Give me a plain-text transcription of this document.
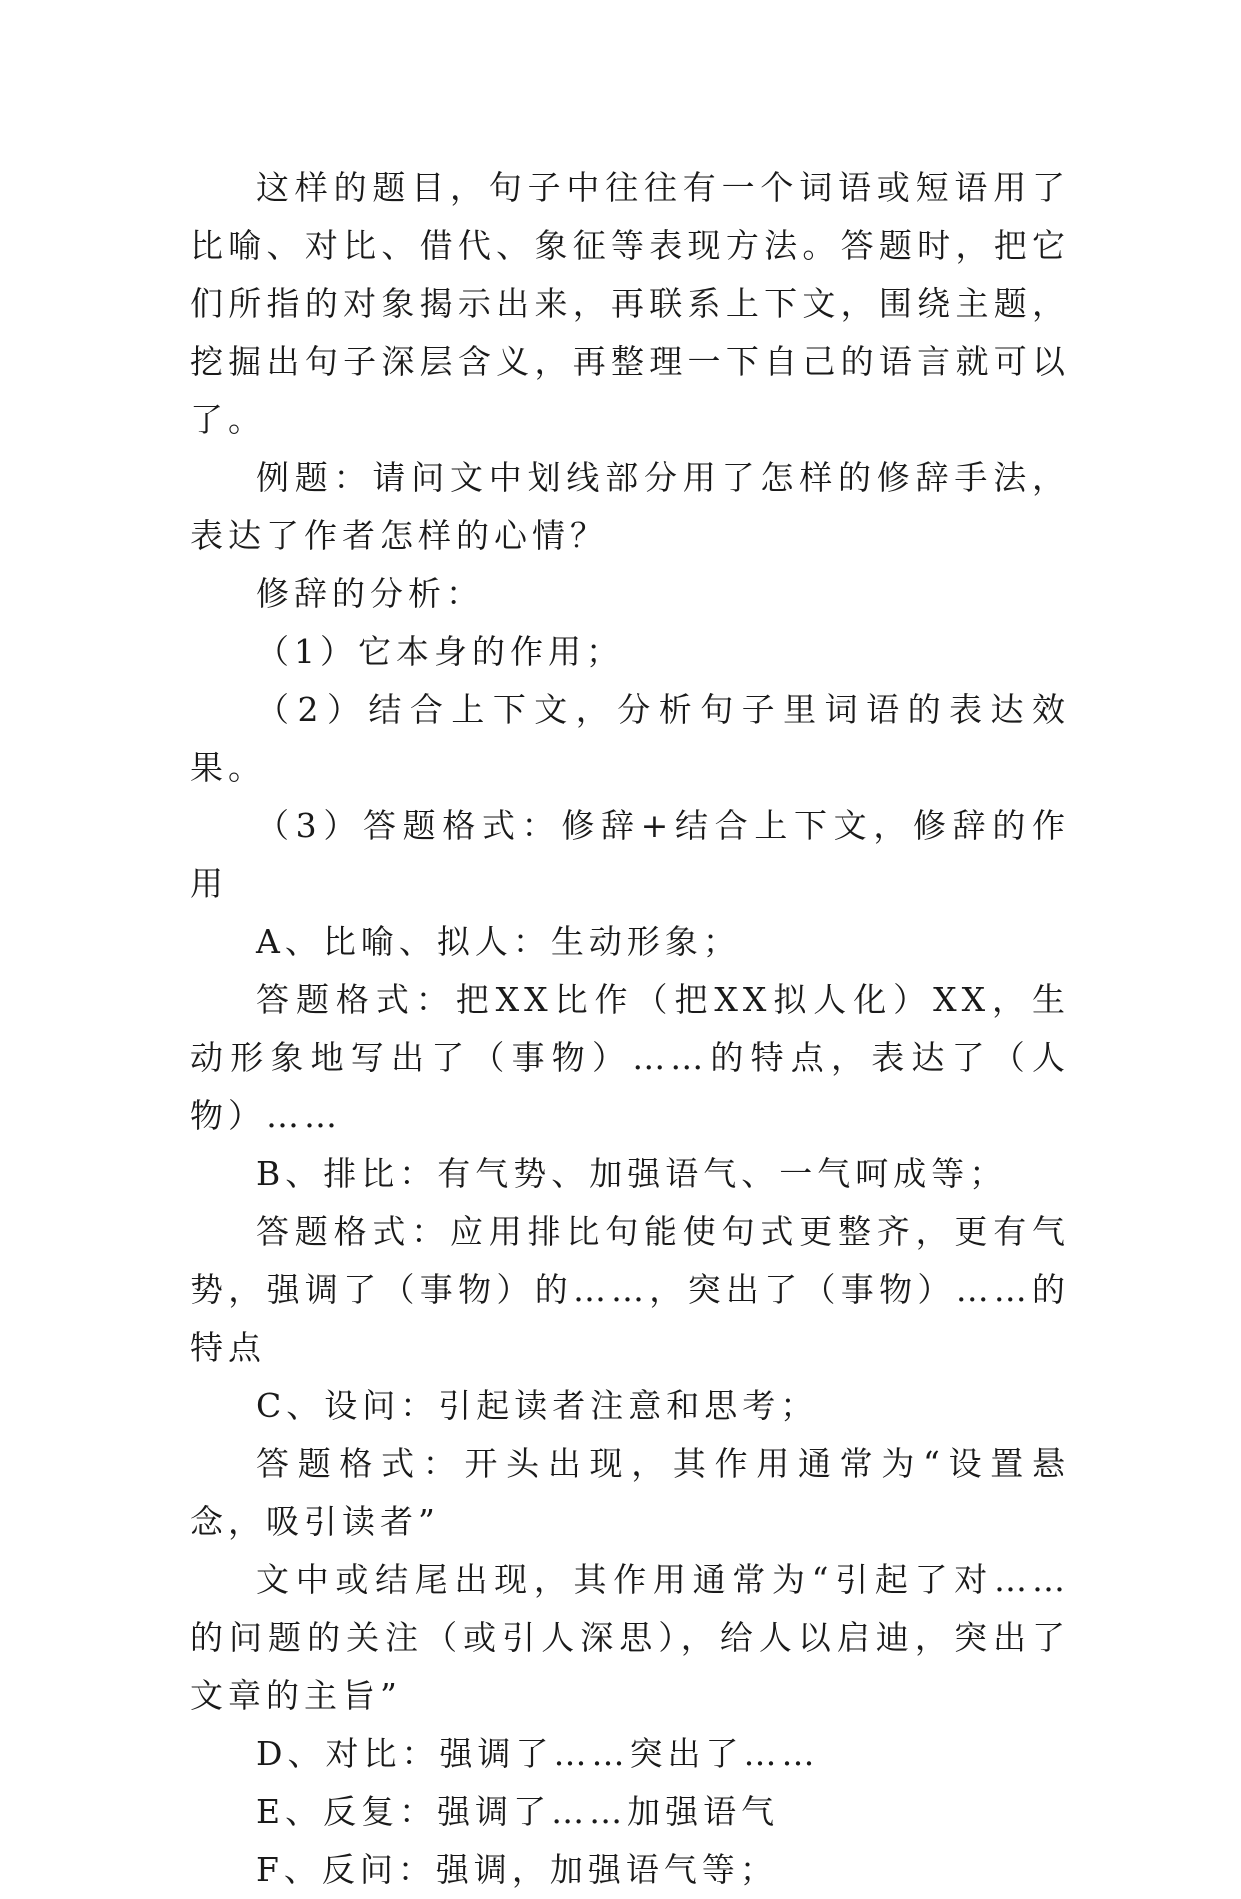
这样的题目，句子中往往有一个词语或短语用了比喻、对比、借代、象征等表现方法。答题时，把它们所指的对象揭示出来，再联系上下文，围绕主题，挖掘出句子深层含义，再整理一下自己的语言就可以了。

例题：请问文中划线部分用了怎样的修辞手法，表达了作者怎样的心情？

修辞的分析：

（1）它本身的作用；

（2）结合上下文，分析句子里词语的表达效果。

（3）答题格式：修辞+结合上下文，修辞的作用

A、比喻、拟人：生动形象；

答题格式：把XX比作（把XX拟人化）XX，生动形象地写出了（事物）……的特点，表达了（人物）……

B、排比：有气势、加强语气、一气呵成等；

答题格式：应用排比句能使句式更整齐，更有气势，强调了（事物）的……，突出了（事物）……的特点

C、设问：引起读者注意和思考；

答题格式：开头出现，其作用通常为“设置悬念，吸引读者”

文中或结尾出现，其作用通常为“引起了对……的问题的关注（或引人深思），给人以启迪，突出了文章的主旨”

D、对比：强调了……突出了……

E、反复：强调了……加强语气

F、反问：强调，加强语气等；
